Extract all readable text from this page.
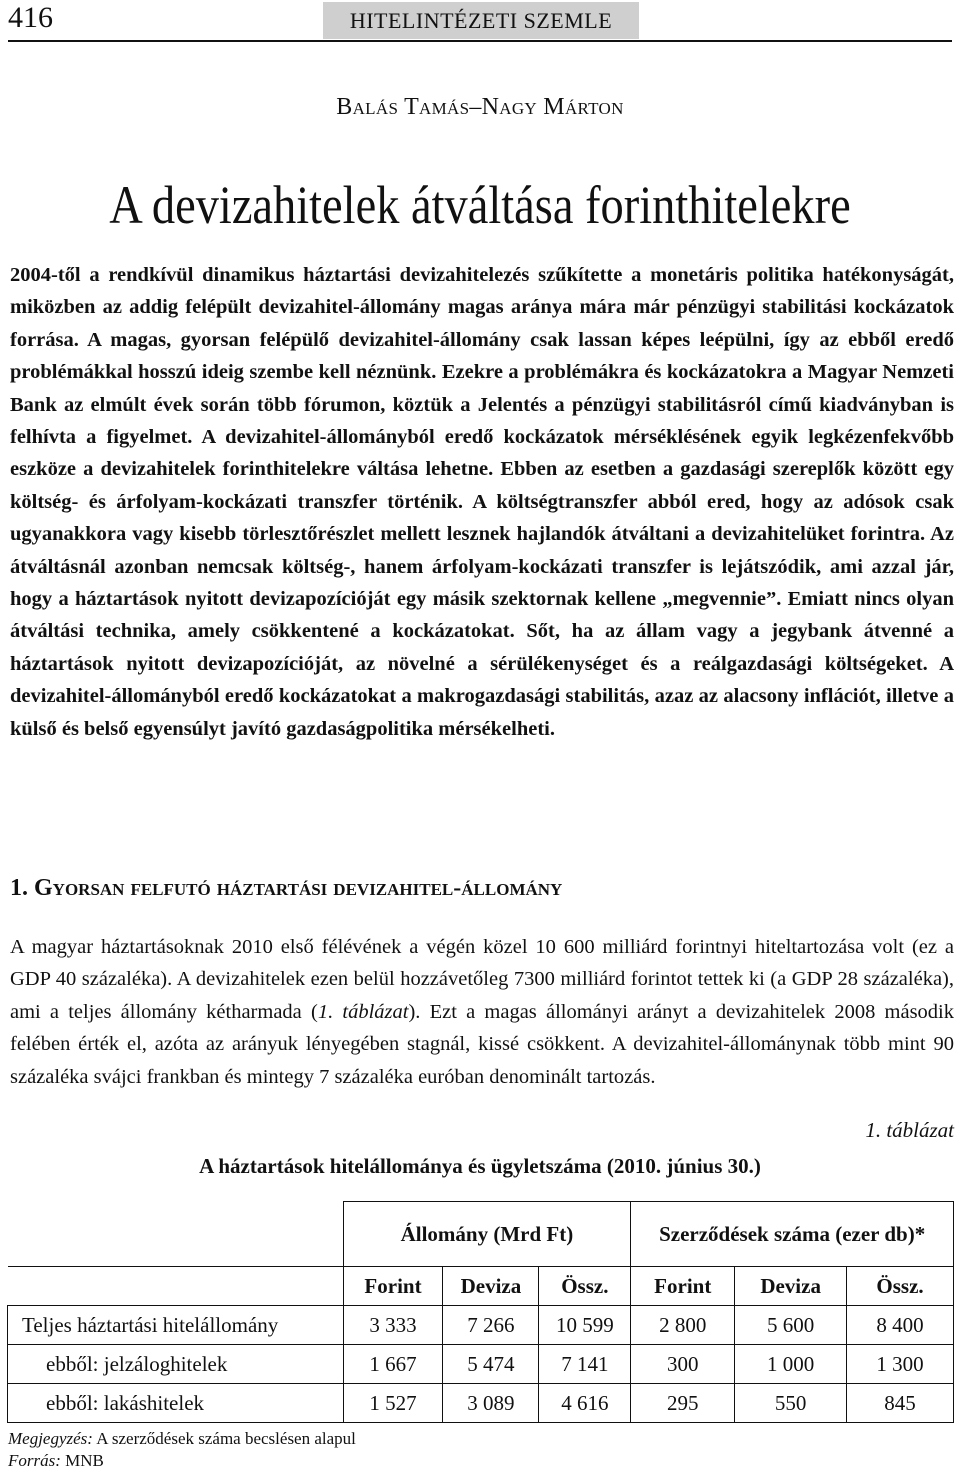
416	HITELINTÉZETI SZEMLE
Balás Tamás–Nagy Márton
A devizahitelek átváltása forinthitelekre

2004-től a rendkívül dinamikus háztartási devizahitelezés szűkítette a monetáris politika hatékonyságát, miközben az addig felépült devizahitel-állomány magas aránya mára már pénzügyi stabilitási kockázatok forrása. A magas, gyorsan felépülő devizahitel-állomány csak lassan képes leépülni, így az ebből eredő problémákkal hosszú ideig szembe kell néznünk. Ezekre a problémákra és kockázatokra a Magyar Nemzeti Bank az elmúlt évek során több fórumon, köztük a Jelentés a pénzügyi stabilitásról című kiadványban is felhívta a figyelmet. A devizahitel-állományból eredő kockázatok mérséklésének egyik legkézenfekvőbb eszköze a devizahitelek forinthitelekre váltása lehetne. Ebben az esetben a gazdasági szereplők között egy költség- és árfolyam-kockázati transzfer történik. A költségtranszfer abból ered, hogy az adósok csak ugyanakkora vagy kisebb törlesztőrészlet mellett lesznek hajlandók átváltani a devizahitelüket forintra. Az átváltásnál azonban nemcsak költség-, hanem árfolyam-kockázati transzfer is lejátszódik, ami azzal jár, hogy a háztartások nyitott devizapozícióját egy másik szektornak kellene „megvennie”. Emiatt nincs olyan átváltási technika, amely csökkentené a kockázatokat. Sőt, ha az állam vagy a jegybank átvenné a háztartások nyitott devizapozícióját, az növelné a sérülékenységet és a reálgazdasági költségeket. A devizahitel-állományból eredő kockázatokat a makrogazdasági stabilitás, azaz az alacsony inflációt, illetve a külső és belső egyensúlyt javító gazdaságpolitika mérsékelheti.

1. Gyorsan felfutó háztartási devizahitel-állomány

A magyar háztartásoknak 2010 első félévének a végén közel 10 600 milliárd forintnyi hiteltartozása volt (ez a GDP 40 százaléka). A devizahitelek ezen belül hozzávetőleg 7300 milliárd forintot tettek ki (a GDP 28 százaléka), ami a teljes állomány kétharmada (1. táblázat). Ezt a magas állományi arányt a devizahitelek 2008 második felében érték el, azóta az arányuk lényegében stagnál, kissé csökkent. A devizahitel-állománynak több mint 90 százaléka svájci frankban és mintegy 7 százaléka euróban denominált tartozás.

1. táblázat
A háztartások hitelállománya és ügyletszáma (2010. június 30.)
	Állomány (Mrd Ft)			Szerződések száma (ezer db)*		
	Forint	Deviza	Össz.	Forint	Deviza	Össz.
Teljes háztartási hitelállomány	3 333	7 266	10 599	2 800	5 600	8 400
ebből: jelzáloghitelek	1 667	5 474	7 141	300	1 000	1 300
ebből: lakáshitelek	1 527	3 089	4 616	295	550	845
Megjegyzés: A szerződések száma becslésen alapul
Forrás: MNB
